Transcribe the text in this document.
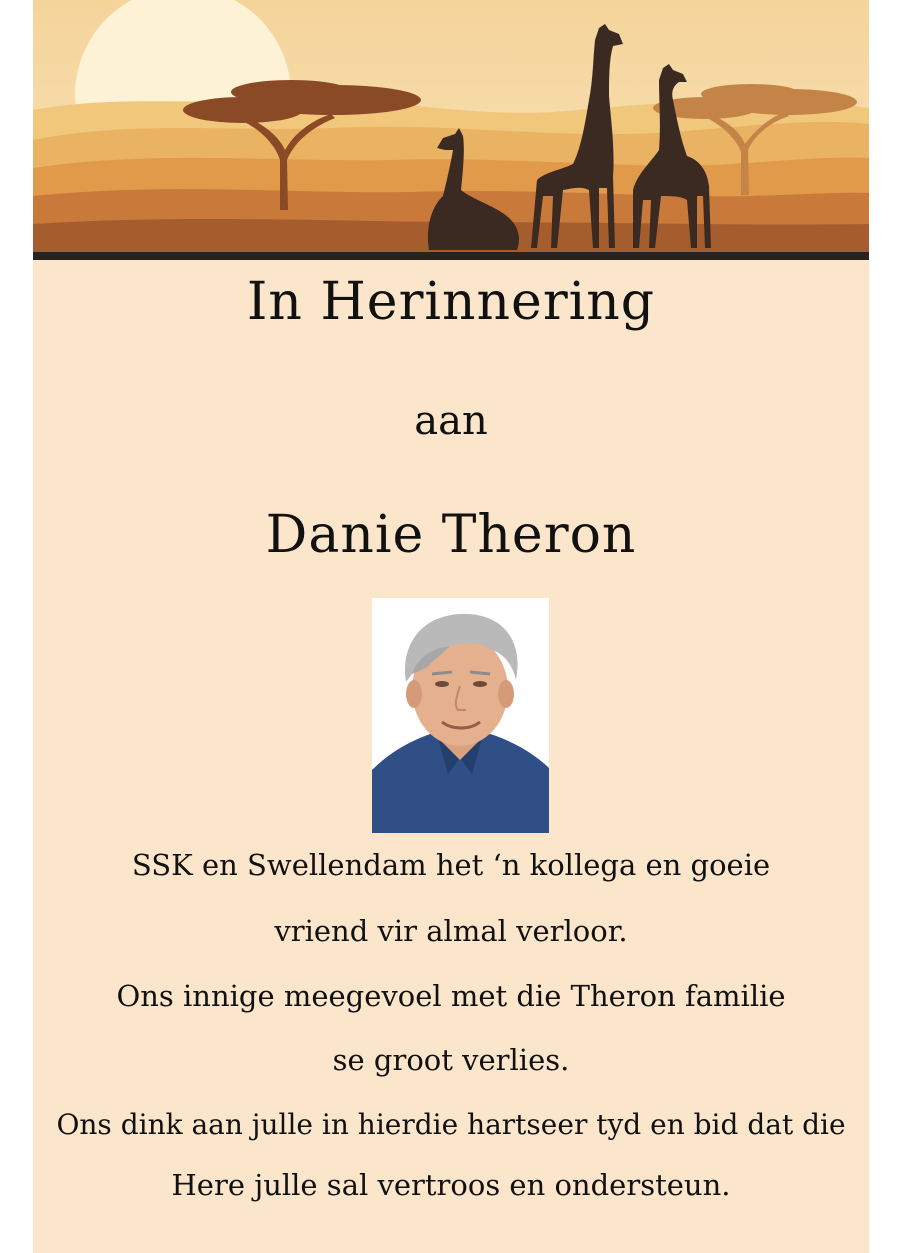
In Herinnering
aan
Danie Theron
SSK en Swellendam het ‘n kollega en goeie
vriend vir almal verloor.
Ons innige meegevoel met die Theron familie
se groot verlies.
Ons dink aan julle in hierdie hartseer tyd en bid dat die
Here julle sal vertroos en ondersteun.
